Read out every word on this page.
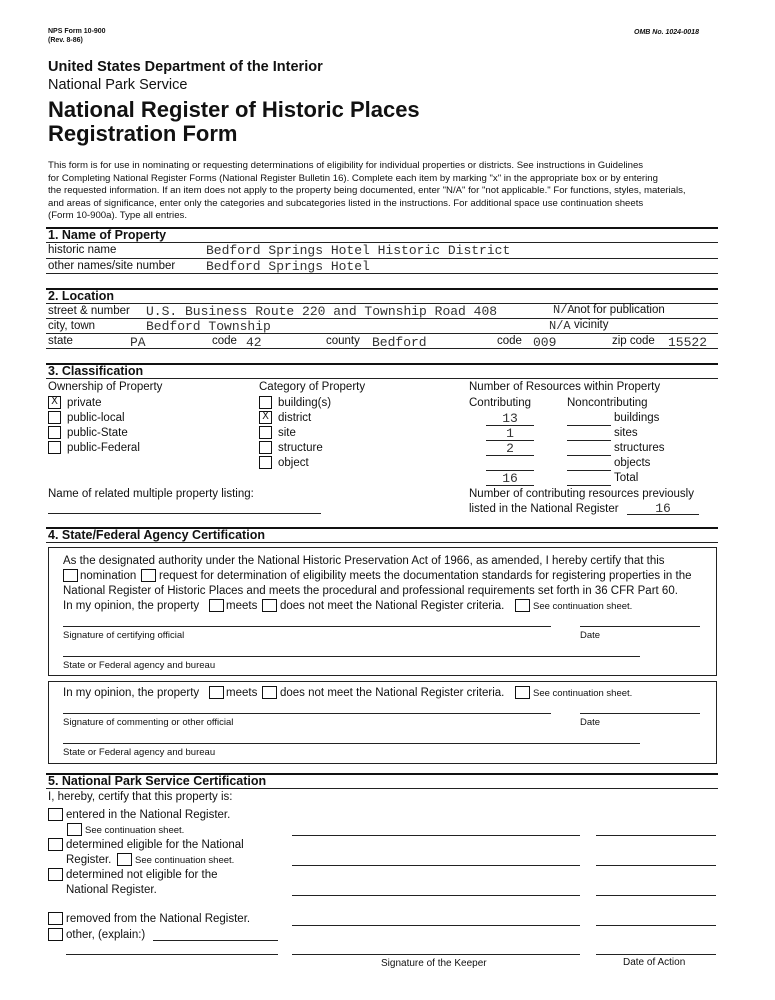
NPS Form 10-900
(Rev. 8-86)
OMB No. 1024-0018
United States Department of the Interior
National Park Service
National Register of Historic Places
Registration Form
This form is for use in nominating or requesting determinations of eligibility for individual properties or districts. See instructions in Guidelines
for Completing National Register Forms (National Register Bulletin 16). Complete each item by marking "x" in the appropriate box or by entering
the requested information. If an item does not apply to the property being documented, enter "N/A" for "not applicable." For functions, styles, materials,
and areas of significance, enter only the categories and subcategories listed in the instructions. For additional space use continuation sheets
(Form 10-900a). Type all entries.
1. Name of Property
historic name	Bedford Springs Hotel Historic District
other names/site number Bedford Springs Hotel
2. Location
street & number U.S. Business Route 220 and Township Road 408	N/A not for publication
city, town	Bedford Township	N/A vicinity
state	PA	code 42	county Bedford	code 009	zip code 15522
3. Classification
Ownership of Property
X private
public-local
public-State
public-Federal
Category of Property
building(s)
X district
site
structure
object
Number of Resources within Property
Contributing	Noncontributing
13	buildings
1	sites
2	structures
objects
16	Total
Name of related multiple property listing:	Number of contributing resources previously
listed in the National Register	16
4. State/Federal Agency Certification
As the designated authority under the National Historic Preservation Act of 1966, as amended, I hereby certify that this
nomination request for determination of eligibility meets the documentation standards for registering properties in the
National Register of Historic Places and meets the procedural and professional requirements set forth in 36 CFR Part 60.
In my opinion, the property meets does not meet the National Register criteria.	See continuation sheet.
Signature of certifying official	Date
State or Federal agency and bureau
In my opinion, the property meets does not meet the National Register criteria.	See continuation sheet.
Signature of commenting or other official	Date
State or Federal agency and bureau
5. National Park Service Certification
I, hereby, certify that this property is:
entered in the National Register.
See continuation sheet.
determined eligible for the National
Register. See continuation sheet.
determined not eligible for the
National Register.
removed from the National Register.
other, (explain:)
Signature of the Keeper	Date of Action
